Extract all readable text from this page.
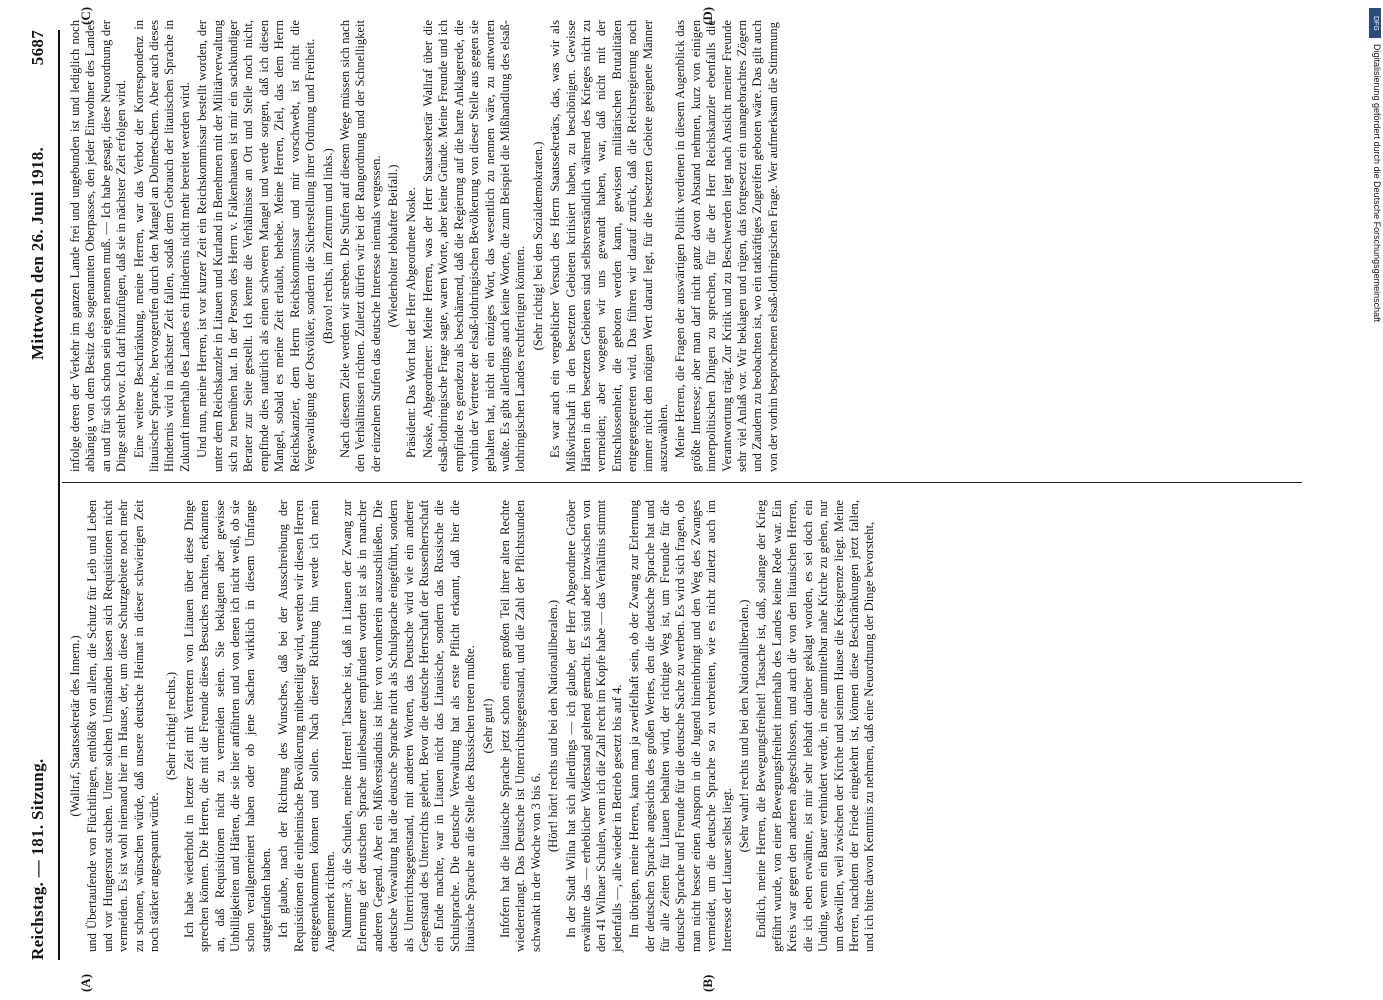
Reichstag. — 181. Sitzung.
Mittwoch den 26. Juni 1918.
5687
(A)	(B)
(C)	(D)

(Wallraf, Staatssekretär des Innern.) und Übertaufende von Flüchtlingen, entblößt von allem, die Schutz für Leib und Leben und vor Hungersnot suchen. Unter solchen Umständen lassen sich Requisitionen nicht vermeiden. Es ist wohl niemand hier im Hause, der, um diese Schutzgebiete noch mehr zu schonen, wünschen würde, daß unsere deutsche Heimat in dieser schwierigen Zeit noch stärker angespannt würde.

(Sehr richtig! rechts.) Ich habe wiederholt in letzter Zeit mit Vertretern von Litauen über diese Dinge sprechen können. Die Herren, die mit die Freunde dieses Besuches machten, erkannten an, daß Requisitionen nicht zu vermeiden seien. Sie beklagten aber gewisse Unbilligkeiten und Härten, die sie hier anführten und von denen ich nicht weiß, ob sie schon verallgemeinert haben oder ob jene Sachen wirklich in diesem Umfange stattgefunden haben. Ich glaube, nach der Richtung des Wunsches, daß bei der Ausschreibung der Requisitionen die einheimische Bevölkerung mitbeteiligt wird, werden wir diesen Herren entgegenkommen können und sollen. Nach dieser Richtung hin werde ich mein Augenmerk richten. Nummer 3, die Schulen, meine Herren! Tatsache ist, daß in Litauen der Zwang zur Erlernung der deutschen Sprache unliebsamer empfunden worden ist als in mancher anderen Gegend. Aber ein Mißverständnis ist hier von vornherein auszuschließen. Die deutsche Verwaltung hat die deutsche Sprache nicht als Schulsprache eingeführt, sondern als Unterrichtsgegenstand, mit anderen Worten, das Deutsche wird wie ein anderer Gegenstand des Unterrichts gelehrt. Bevor die deutsche Herrschaft der Russenherrschaft ein Ende machte, war in Litauen nicht das Litauische, sondern das Russische die Schulsprache. Die deutsche Verwaltung hat als erste Pflicht erkannt, daß hier die litauische Sprache an die Stelle des Russischen treten mußte. (Sehr gut!) Infofern hat die litauische Sprache jetzt schon einen großen Teil ihrer alten Rechte wiedererlangt. Das Deutsche ist Unterrichtsgegenstand, und die Zahl der Pflichtstunden schwankt in der Woche von 3 bis 6.

(Hört! hört! rechts und bei den Nationalliberalen.) In der Stadt Wilna hat sich allerdings — ich glaube, der Herr Abgeordnete Gröber erwähnte das — erheblicher Widerstand geltend gemacht. Es sind aber inzwischen von den 41 Wilnaer Schulen, wenn ich die Zahl recht im Kopfe habe — das Verhältnis stimmt jedenfalls —, alle wieder in Betrieb gesetzt bis auf 4. Im übrigen, meine Herren, kann man ja zweifelhaft sein, ob der Zwang zur Erlernung der deutschen Sprache angesichts des großen Wertes, den die deutsche Sprache hat und für alle Zeiten für Litauen behalten wird, der richtige Weg ist, um Freunde für die deutsche Sprache und Freunde für die deutsche Sache zu werben. Es wird sich fragen, ob man nicht besser einen Ansporn in die Jugend hineinbringt und den Weg des Zwanges vermeidet, um die deutsche Sprache so zu verbreiten, wie es nicht zuletzt auch im Interesse der Litauer selbst liegt.

(Sehr wahr! rechts und bei den Nationalliberalen.) Endlich, meine Herren, die Bewegungsfreiheit! Tatsache ist, daß, solange der Krieg geführt wurde, von einer Bewegungsfreiheit innerhalb des Landes keine Rede war. Ein Kreis war gegen den anderen abgeschlossen, und auch die von den litauischen Herren, die ich eben erwähnte, ist mir sehr lebhaft darüber geklagt worden, es sei doch ein Unding, wenn ein Bauer verhindert werde, in eine unmittelbar nahe Kirche zu gehen, nur um deswillen, weil zwischen der Kirche und seinem Hause die Kreisgrenze liegt. Meine Herren, nachdem der Friede eingekehrt ist, können diese Beschränkungen jetzt fallen, und ich bitte davon Kenntnis zu nehmen, daß eine Neuordnung der Dinge bevorsteht,

infolge deren der Verkehr im ganzen Lande frei und ungebunden ist und lediglich noch abhängig von dem Besitz des sogenannten Oberpasses, den jeder Einwohner des Landes an und für sich schon sein eigen nennen muß. — Ich habe gesagt, diese Neuordnung der Dinge steht bevor. Ich darf hinzufügen, daß sie in nächster Zeit erfolgen wird. Eine weitere Beschränkung, meine Herren, war das Verbot der Korrespondenz in litauischer Sprache, hervorgerufen durch den Mangel an Dolmetschern. Aber auch dieses Hindernis wird in nächster Zeit fallen, sodaß dem Gebrauch der litauischen Sprache in Zukunft innerhalb des Landes ein Hindernis nicht mehr bereitet werden wird. Und nun, meine Herren, ist vor kurzer Zeit ein Reichskommissar bestellt worden, der unter dem Reichskanzler in Litauen und Kurland in Benehmen mit der Militärverwaltung sich zu bemühen hat. In der Person des Herrn v. Falkenhausen ist mir ein sachkundiger Berater zur Seite gestellt. Ich kenne die Verhältnisse an Ort und Stelle noch nicht, empfinde dies natürlich als einen schweren Mangel und werde sorgen, daß ich diesen Mangel, sobald es meine Zeit erlaubt, behebe. Meine Herren, Ziel, das dem Herrn Reichskanzler, dem Herrn Reichskommissar und mir vorschwebt, ist nicht die Vergewaltigung der Ostvölker, sondern die Sicherstellung ihrer Ordnung und Freiheit. (Bravo! rechts, im Zentrum und links.) Nach diesem Ziele werden wir streben. Die Stufen auf diesem Wege müssen sich nach den Verhältnissen richten. Zuletzt dürfen wir bei der Rangordnung und der Schnelligkeit der einzelnen Stufen das deutsche Interesse niemals vergessen. (Wiederholter lebhafter Beifall.) Präsident: Das Wort hat der Herr Abgeordnete Noske. Noske, Abgeordneter: Meine Herren, was der Herr Staatssekretär Wallraf über die elsaß-lothringische Frage sagte, waren Worte, aber keine Gründe. Meine Freunde und ich empfinde es geradezu als beschämend, daß die Regierung auf die harte Anklagerede, die vorhin der Vertreter der elsaß-lothringischen Bevölkerung von dieser Stelle aus gegen sie gehalten hat, nicht ein einziges Wort, das wesentlich zu nennen wäre, zu antworten wußte. Es gibt allerdings auch keine Worte, die zum Beispiel die Mißhandlung des elsaß-lothringischen Landes rechtfertigen könnten.

(Sehr richtig! bei den Sozialdemokraten.) Es war auch ein vergeblicher Versuch des Herrn Staatssekretärs, das, was wir als Mißwirtschaft in den besetzten Gebieten kritisiert haben, zu beschönigen. Gewisse Härten in den besetzten Gebieten sind selbstverständlich während des Krieges nicht zu vermeiden; aber wogegen wir uns gewandt haben, war, daß nicht mit der Entschlossenheit, die geboten werden kann, gewissen militärischen Brutalitäten entgegengetreten wird. Das führen wir darauf zurück, daß die Reichsregierung noch immer nicht den nötigen Wert darauf legt, für die besetzten Gebiete geeignete Männer auszuwählen. Meine Herren, die Fragen der auswärtigen Politik verdienen in diesem Augenblick das größte Interesse; aber man darf nicht ganz davon Abstand nehmen, kurz von einigen innerpolitischen Dingen zu sprechen, für die der Herr Reichskanzler ebenfalls die Verantwortung trägt. Zur Kritik und zu Beschwerden liegt nach Ansicht meiner Freunde sehr viel Anlaß vor. Wir beklagen und rügen, das fortgesetzt ein unangebrachtes Zögern und Zaudern zu beobachten ist, wo ein tatkräftiges Zugreifen geboten wäre. Das gilt auch von der vorhin besprochenen elsaß-lothringischen Frage. Wer aufmerksam die Stimmung	DFG
Digitalisierung gefördert durch die Deutsche Forschungsgemeinschaft
